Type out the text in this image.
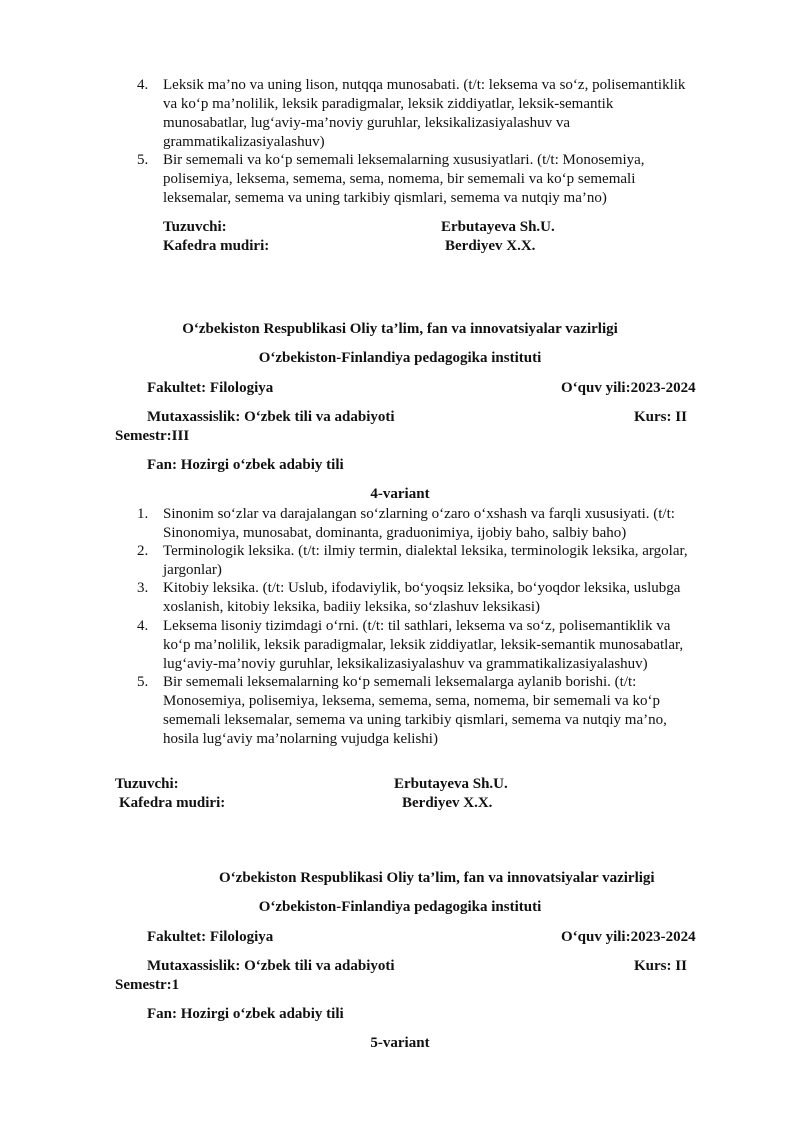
4. Leksik ma’no va uning lison, nutqqa munosabati. (t/t: leksema va so‘z, polisemantiklik
va ko‘p ma’nolilik, leksik paradigmalar, leksik ziddiyatlar, leksik-semantik
munosabatlar, lug‘aviy-ma’noviy guruhlar, leksikalizasiyalashuv va
grammatikalizasiyalashuv)
5. Bir sememali va ko‘p sememali leksemalarning xususiyatlari. (t/t: Monosemiya,
polisemiya, leksema, semema, sema, nomema, bir sememali va ko‘p sememali
leksemalar, semema va uning tarkibiy qismlari, semema va nutqiy ma’no)
Tuzuvchi:	Erbutayeva Sh.U.
Kafedra mudiri:	Berdiyev X.X.
O‘zbekiston Respublikasi Oliy ta’lim, fan va innovatsiyalar vazirligi
O‘zbekiston-Finlandiya pedagogika instituti
Fakultet: Filologiya	O‘quv yili:2023-2024
Mutaxassislik: O‘zbek tili va adabiyoti	Kurs: II
Semestr:III
Fan: Hozirgi o‘zbek adabiy tili
4-variant
1. Sinonim so‘zlar va darajalangan so‘zlarning o‘zaro o‘xshash va farqli xususiyati. (t/t:
Sinonomiya, munosabat, dominanta, graduonimiya, ijobiy baho, salbiy baho)
2. Terminologik leksika. (t/t: ilmiy termin, dialektal leksika, terminologik leksika, argolar,
jargonlar)
3. Kitobiy leksika. (t/t: Uslub, ifodaviylik, bo‘yoqsiz leksika, bo‘yoqdor leksika, uslubga
xoslanish, kitobiy leksika, badiiy leksika, so‘zlashuv leksikasi)
4. Leksema lisoniy tizimdagi o‘rni. (t/t: til sathlari, leksema va so‘z, polisemantiklik va
ko‘p ma’nolilik, leksik paradigmalar, leksik ziddiyatlar, leksik-semantik munosabatlar,
lug‘aviy-ma’noviy guruhlar, leksikalizasiyalashuv va grammatikalizasiyalashuv)
5. Bir sememali leksemalarning ko‘p sememali leksemalarga aylanib borishi. (t/t:
Monosemiya, polisemiya, leksema, semema, sema, nomema, bir sememali va ko‘p
sememali leksemalar, semema va uning tarkibiy qismlari, semema va nutqiy ma’no,
hosila lug‘aviy ma’nolarning vujudga kelishi)
Tuzuvchi:	Erbutayeva Sh.U.
Kafedra mudiri:	Berdiyev X.X.
O‘zbekiston Respublikasi Oliy ta’lim, fan va innovatsiyalar vazirligi
O‘zbekiston-Finlandiya pedagogika instituti
Fakultet: Filologiya	O‘quv yili:2023-2024
Mutaxassislik: O‘zbek tili va adabiyoti	Kurs: II
Semestr:1
Fan: Hozirgi o‘zbek adabiy tili
5-variant
